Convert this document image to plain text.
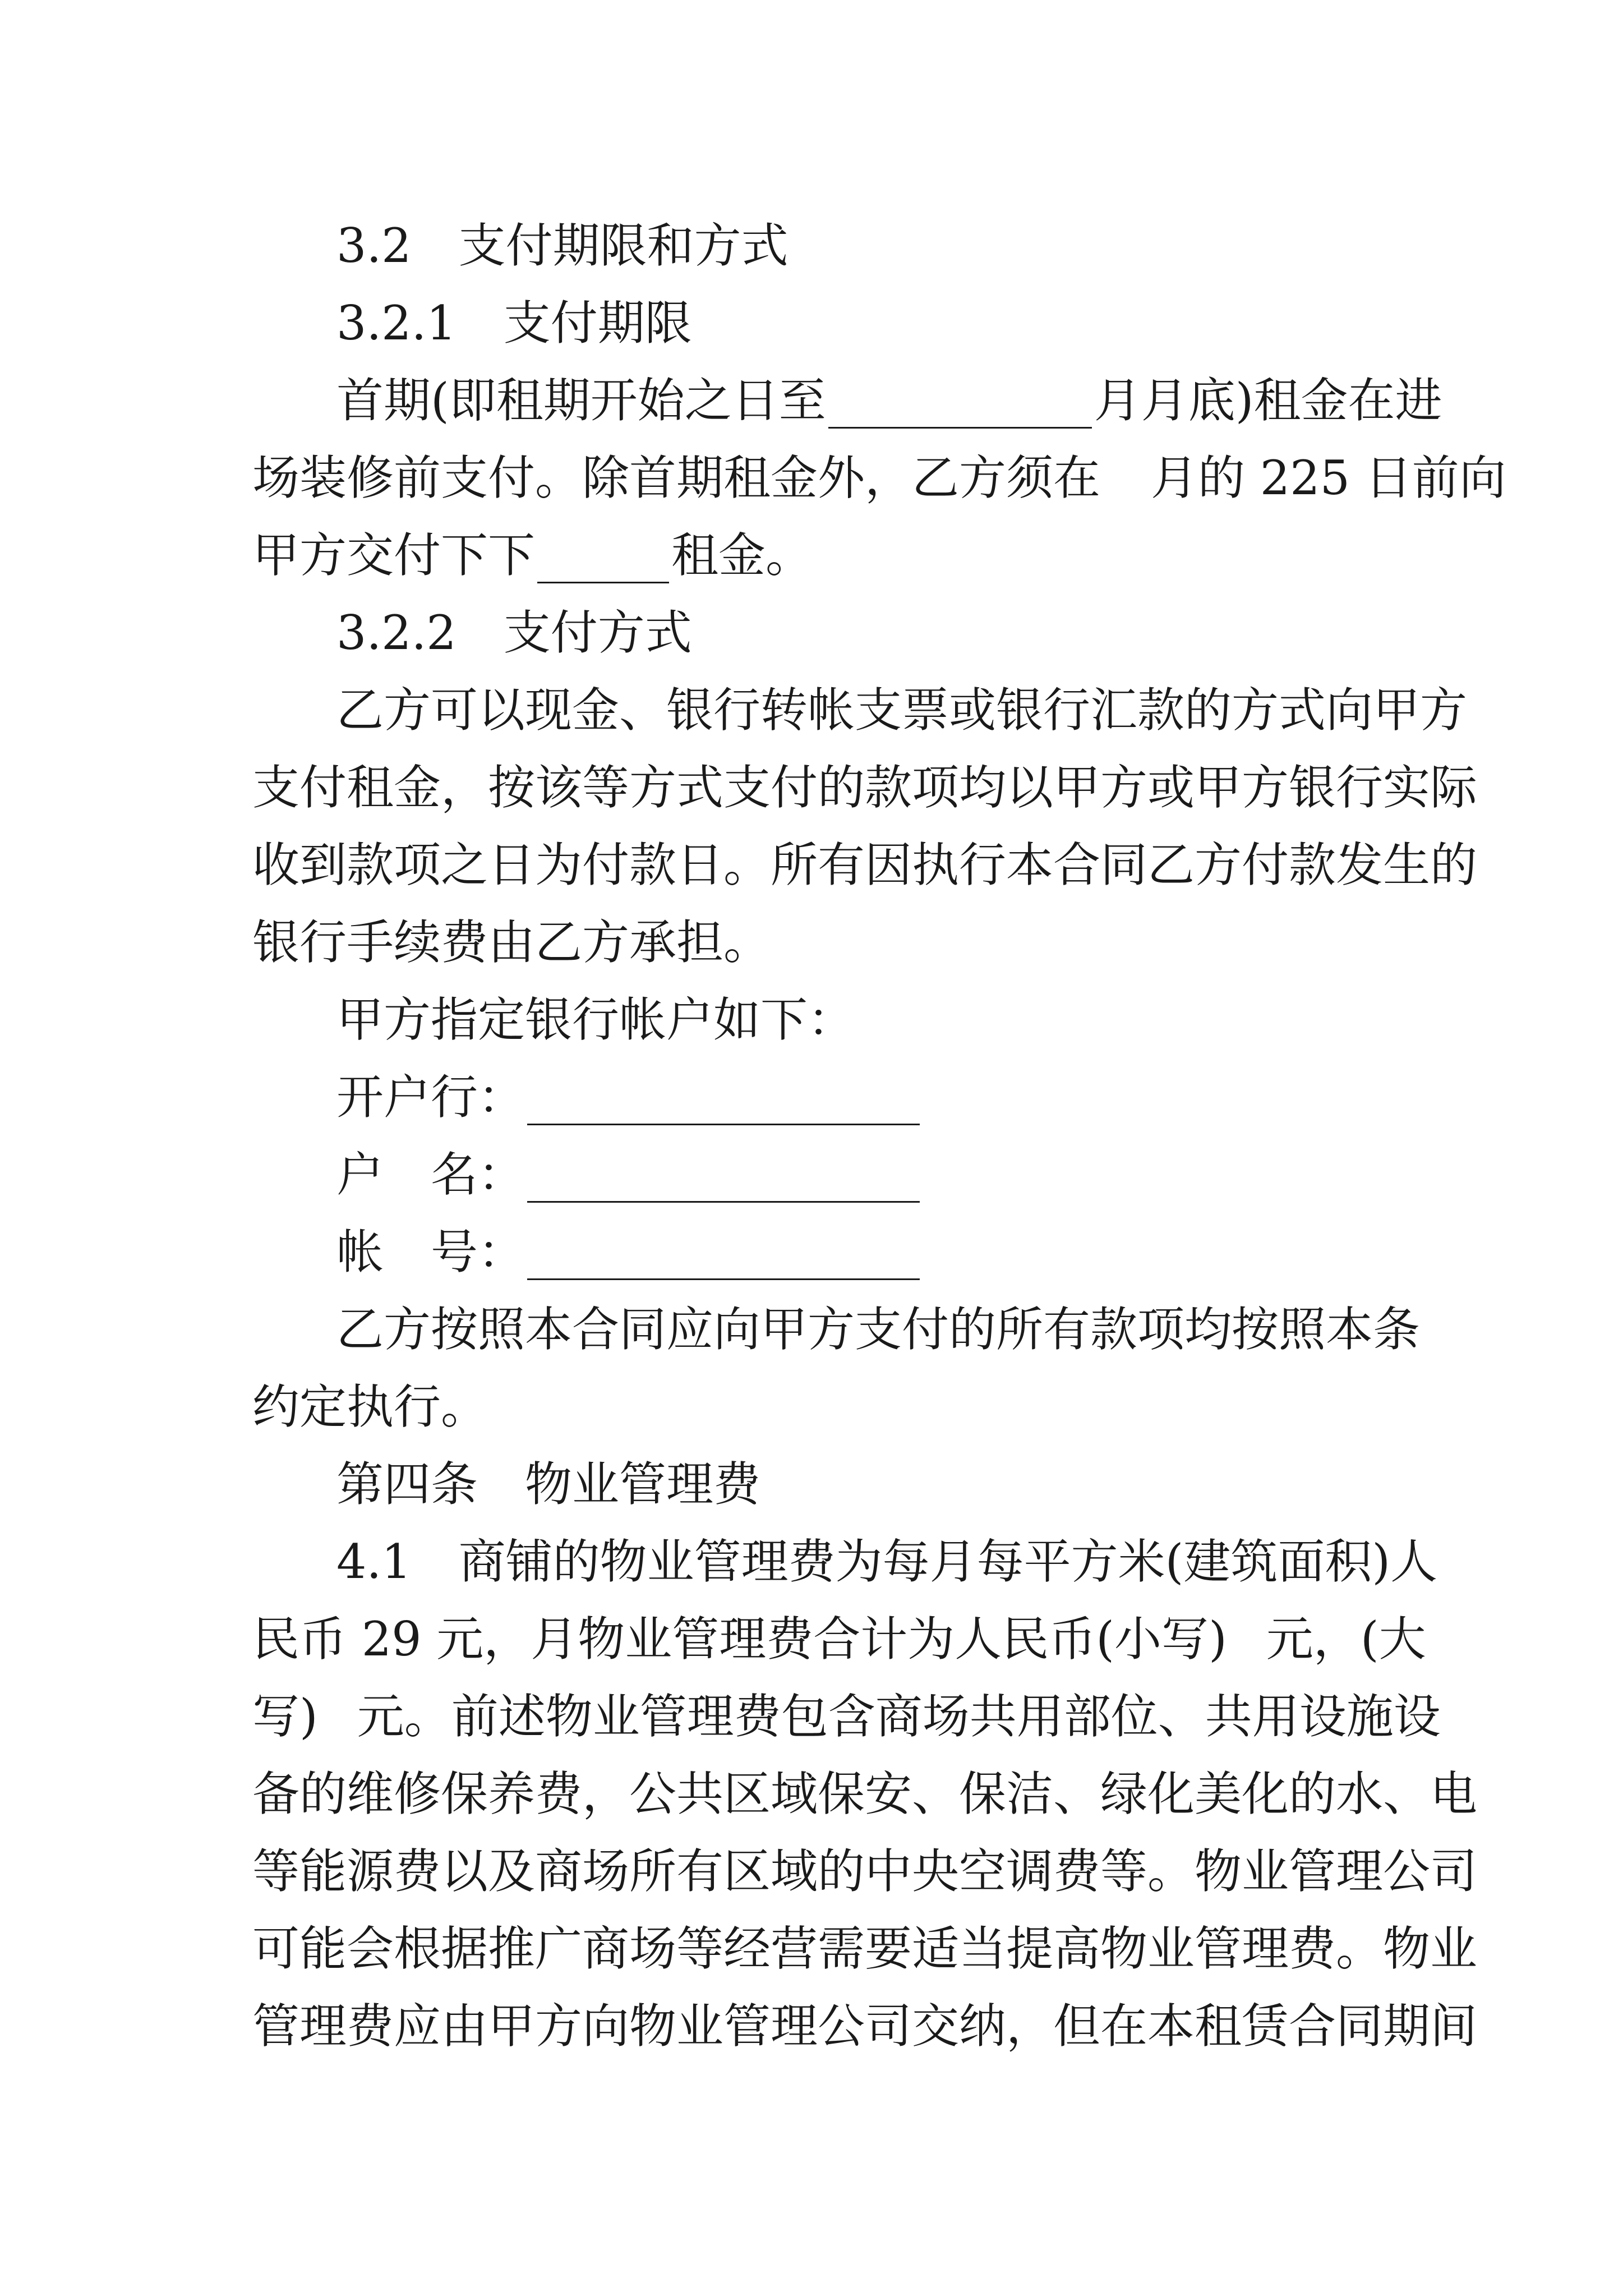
3.2　支付期限和方式
3.2.1　支付期限
首期(即租期开始之日至	月月底)租金在进
场装修前支付。除首期租金外，乙方须在 月的 225 日前向
甲方交付下下	租金。
3.2.2　支付方式
乙方可以现金、银行转帐支票或银行汇款的方式向甲方
支付租金，按该等方式支付的款项均以甲方或甲方银行实际
收到款项之日为付款日。所有因执行本合同乙方付款发生的
银行手续费由乙方承担。
甲方指定银行帐户如下：
开户行：
户　名：
帐　号：
乙方按照本合同应向甲方支付的所有款项均按照本条
约定执行。
第四条　物业管理费
4.1　商铺的物业管理费为每月每平方米(建筑面积)人
民币 29 元，月物业管理费合计为人民币(小写) 元，(大
写) 元。前述物业管理费包含商场共用部位、共用设施设
备的维修保养费，公共区域保安、保洁、绿化美化的水、电
等能源费以及商场所有区域的中央空调费等。物业管理公司
可能会根据推广商场等经营需要适当提高物业管理费。物业
管理费应由甲方向物业管理公司交纳，但在本租赁合同期间
